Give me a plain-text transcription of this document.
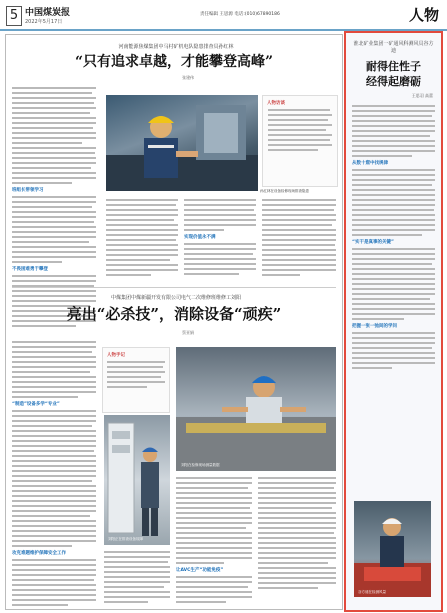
5 中国煤炭报
2022年5月17日
责任编辑 王思源 电话:(010)67890186	人物
河南能源焦煤集团中马村矿机电队隐患排查员孙红林
“只有追求卓越，才能攀登高峰”
张建伟
班组长带领学习
不畏困难勇于攀登
孙红林在设备检修现场排查隐患
人物访谈
实现价值永不满
中煤集团中煤新疆开发有限公司电气二次维修班维修工刘阳
亮出“必杀技”，消除设备“顽疾”
蔡亚娟
“制造”设备多学“专业”
攻克难题维护保障安全工作
人物手记
刘阳正在排查设备故障
刘阳在检修现场测量数据
让AVC生产“功能免疫”
淮北矿业集团一矿通风科测风员谷方迪
耐得住性子
经得起磨砺
王思羽 高蕾
从数十窟中找规律
“实干是真事的关键”
把握一张一弛间的学问
谷方迪在检测风量
